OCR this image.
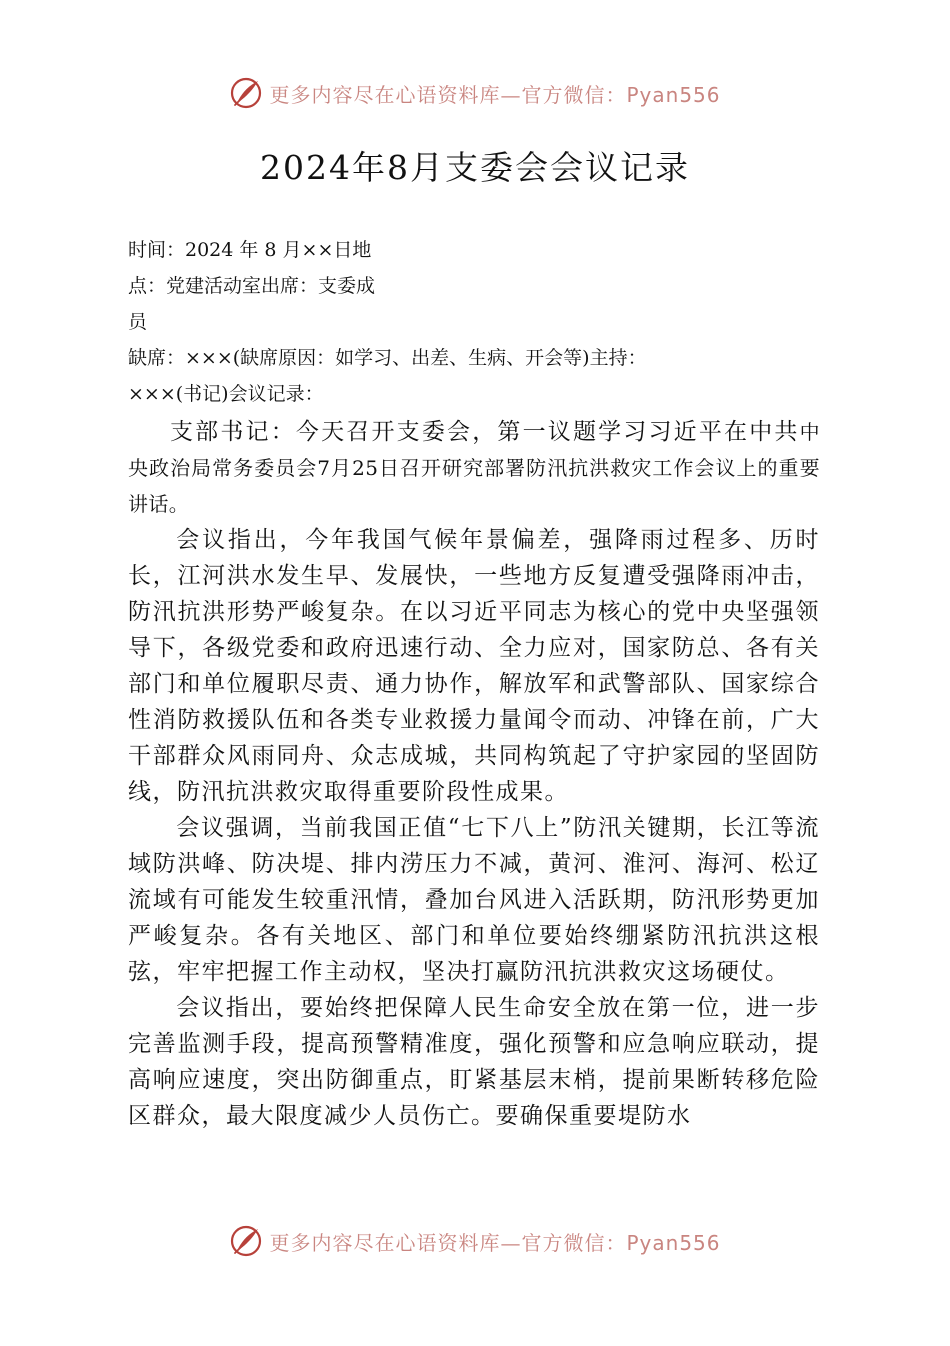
更多内容尽在心语资料库—官方微信：Pyan556
2024年8月支委会会议记录
时间：2024 年 8 月××日地
点：党建活动室出席：支委成
员
缺席：×××(缺席原因：如学习、出差、生病、开会等)主持：
×××(书记)会议记录：

支部书记：今天召开支委会，第一议题学习习近平在中共中央政治局常务委员会7月25日召开研究部署防汛抗洪救灾工作会议上的重要讲话。

会议指出，今年我国气候年景偏差，强降雨过程多、历时长，江河洪水发生早、发展快，一些地方反复遭受强降雨冲击，防汛抗洪形势严峻复杂。在以习近平同志为核心的党中央坚强领导下，各级党委和政府迅速行动、全力应对，国家防总、各有关部门和单位履职尽责、通力协作，解放军和武警部队、国家综合性消防救援队伍和各类专业救援力量闻令而动、冲锋在前，广大干部群众风雨同舟、众志成城，共同构筑起了守护家园的坚固防线，防汛抗洪救灾取得重要阶段性成果。

会议强调，当前我国正值“七下八上”防汛关键期，长江等流域防洪峰、防决堤、排内涝压力不减，黄河、淮河、海河、松辽流域有可能发生较重汛情，叠加台风进入活跃期，防汛形势更加严峻复杂。各有关地区、部门和单位要始终绷紧防汛抗洪这根弦，牢牢把握工作主动权，坚决打赢防汛抗洪救灾这场硬仗。

会议指出，要始终把保障人民生命安全放在第一位，进一步完善监测手段，提高预警精准度，强化预警和应急响应联动，提高响应速度，突出防御重点，盯紧基层末梢，提前果断转移危险区群众，最大限度减少人员伤亡。要确保重要堤防水

更多内容尽在心语资料库—官方微信：Pyan556
